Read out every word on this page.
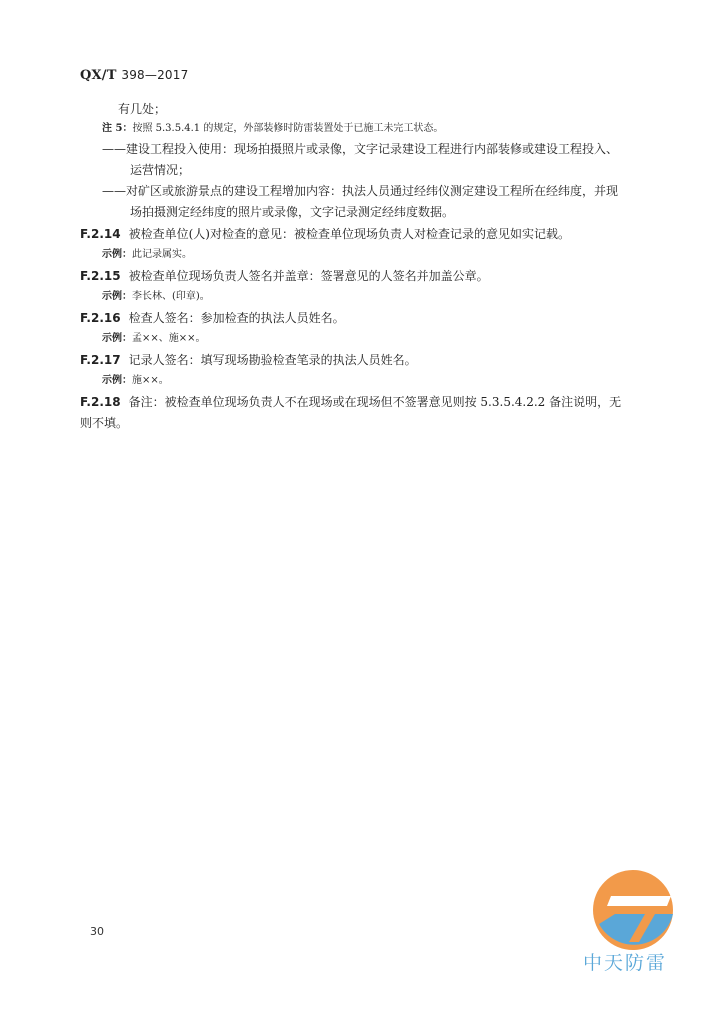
QX/T 398—2017
有几处；
注 5：按照 5.3.5.4.1 的规定，外部装修时防雷装置处于已施工未完工状态。
——建设工程投入使用：现场拍摄照片或录像，文字记录建设工程进行内部装修或建设工程投入、
运营情况；
——对矿区或旅游景点的建设工程增加内容：执法人员通过经纬仪测定建设工程所在经纬度，并现
场拍摄测定经纬度的照片或录像，文字记录测定经纬度数据。
F.2.14 被检查单位(人)对检查的意见：被检查单位现场负责人对检查记录的意见如实记载。
示例：此记录属实。
F.2.15 被检查单位现场负责人签名并盖章：签署意见的人签名并加盖公章。
示例：李长林、(印章)。
F.2.16 检查人签名：参加检查的执法人员姓名。
示例：孟××、施××。
F.2.17 记录人签名：填写现场勘验检查笔录的执法人员姓名。
示例：施××。
F.2.18 备注：被检查单位现场负责人不在现场或在现场但不签署意见则按 5.3.5.4.2.2 备注说明，无
则不填。
30
中天防雷
